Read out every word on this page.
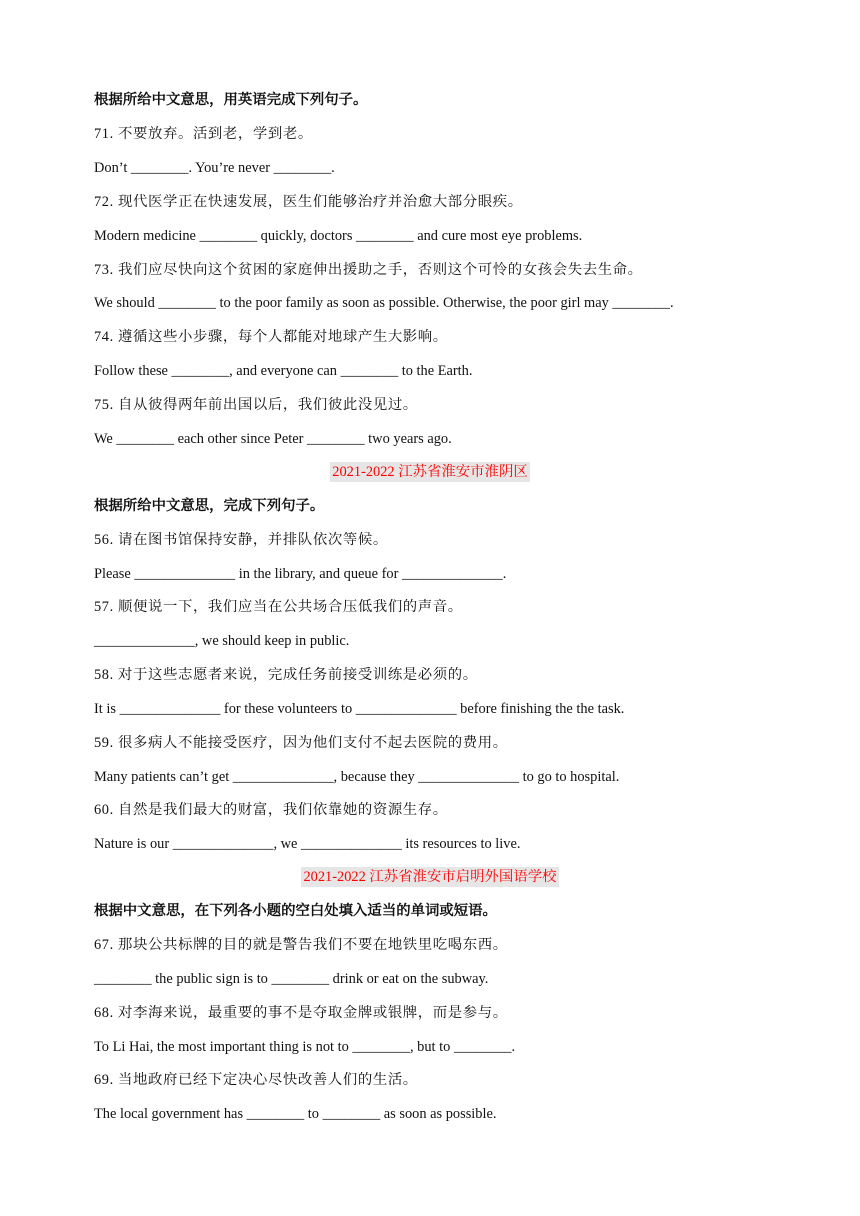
根据所给中文意思，用英语完成下列句子。

71. 不要放弃。活到老，学到老。

Don’t ________. You’re never ________.

72. 现代医学正在快速发展，医生们能够治疗并治愈大部分眼疾。

Modern medicine ________ quickly, doctors ________ and cure most eye problems.

73. 我们应尽快向这个贫困的家庭伸出援助之手，否则这个可怜的女孩会失去生命。

We should ________ to the poor family as soon as possible. Otherwise, the poor girl may ________.

74. 遵循这些小步骤，每个人都能对地球产生大影响。

Follow these ________, and everyone can ________ to the Earth.

75. 自从彼得两年前出国以后，我们彼此没见过。

We ________ each other since Peter ________ two years ago.

2021-2022 江苏省淮安市淮阴区

根据所给中文意思，完成下列句子。

56. 请在图书馆保持安静，并排队依次等候。

Please ______________ in the library, and queue for ______________.

57. 顺便说一下，我们应当在公共场合压低我们的声音。

______________, we should keep in public.

58. 对于这些志愿者来说，完成任务前接受训练是必须的。

It is ______________ for these volunteers to ______________ before finishing the the task.

59. 很多病人不能接受医疗，因为他们支付不起去医院的费用。

Many patients can’t get ______________, because they ______________ to go to hospital.

60. 自然是我们最大的财富，我们依靠她的资源生存。

Nature is our ______________, we ______________ its resources to live.

2021-2022 江苏省淮安市启明外国语学校

根据中文意思，在下列各小题的空白处填入适当的单词或短语。

67. 那块公共标牌的目的就是警告我们不要在地铁里吃喝东西。

________ the public sign is to ________ drink or eat on the subway.

68. 对李海来说，最重要的事不是夺取金牌或银牌，而是参与。

To Li Hai, the most important thing is not to ________, but to ________.

69. 当地政府已经下定决心尽快改善人们的生活。

The local government has ________ to ________ as soon as possible.
